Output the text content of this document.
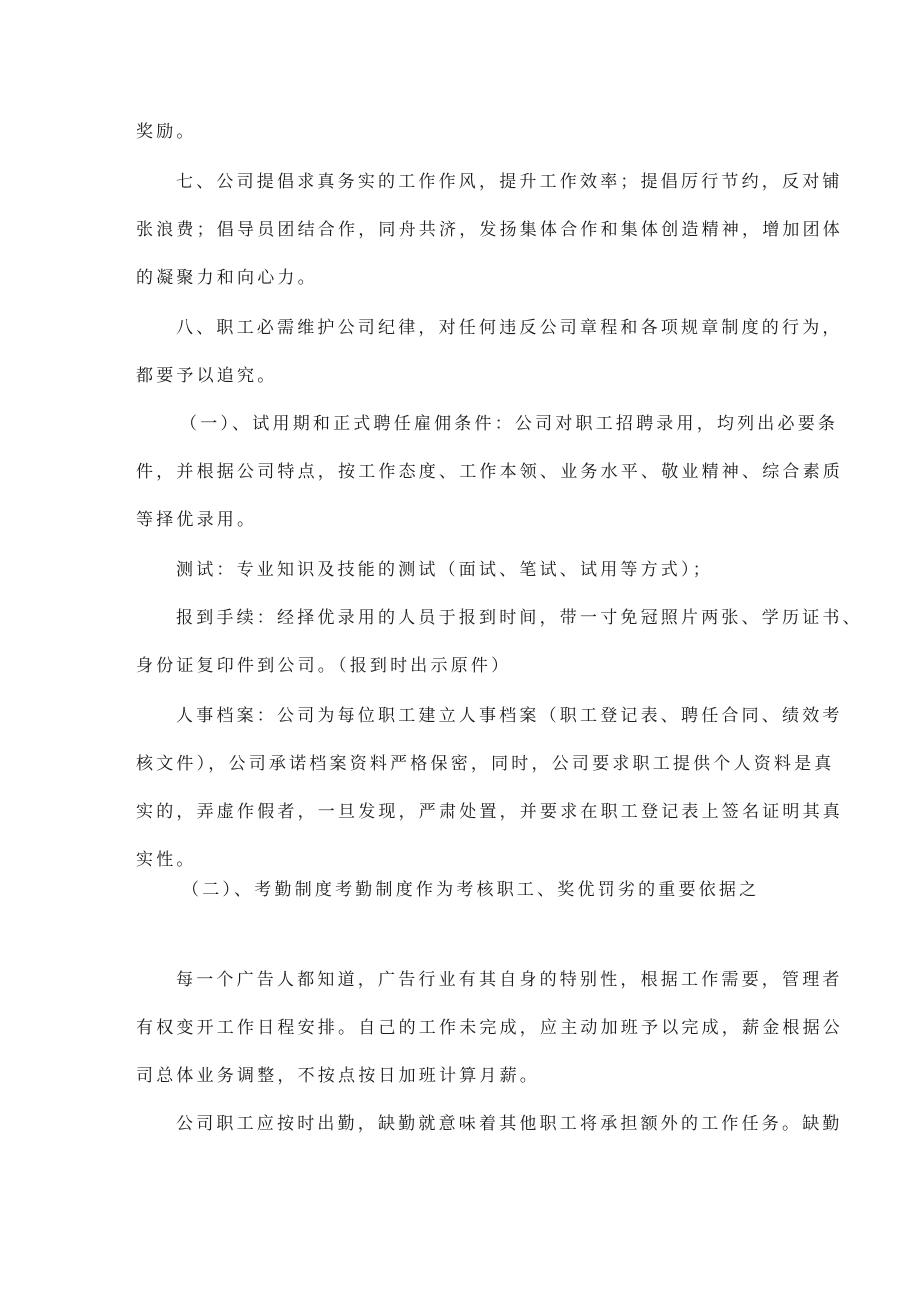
奖励。
七、公司提倡求真务实的工作作风，提升工作效率；提倡厉行节约，反对铺
张浪费；倡导员团结合作，同舟共济，发扬集体合作和集体创造精神，增加团体
的凝聚力和向心力。
八、职工必需维护公司纪律，对任何违反公司章程和各项规章制度的行为，
都要予以追究。
（一）、试用期和正式聘任雇佣条件：公司对职工招聘录用，均列出必要条
件，并根据公司特点，按工作态度、工作本领、业务水平、敬业精神、综合素质
等择优录用。
测试：专业知识及技能的测试（面试、笔试、试用等方式）；
报到手续：经择优录用的人员于报到时间，带一寸免冠照片两张、学历证书、
身份证复印件到公司。（报到时出示原件）
人事档案：公司为每位职工建立人事档案（职工登记表、聘任合同、绩效考
核文件），公司承诺档案资料严格保密，同时，公司要求职工提供个人资料是真
实的，弄虚作假者，一旦发现，严肃处置，并要求在职工登记表上签名证明其真
实性。
（二）、考勤制度考勤制度作为考核职工、奖优罚劣的重要依据之
每一个广告人都知道，广告行业有其自身的特别性，根据工作需要，管理者
有权变开工作日程安排。自己的工作未完成，应主动加班予以完成，薪金根据公
司总体业务调整，不按点按日加班计算月薪。
公司职工应按时出勤，缺勤就意味着其他职工将承担额外的工作任务。缺勤
